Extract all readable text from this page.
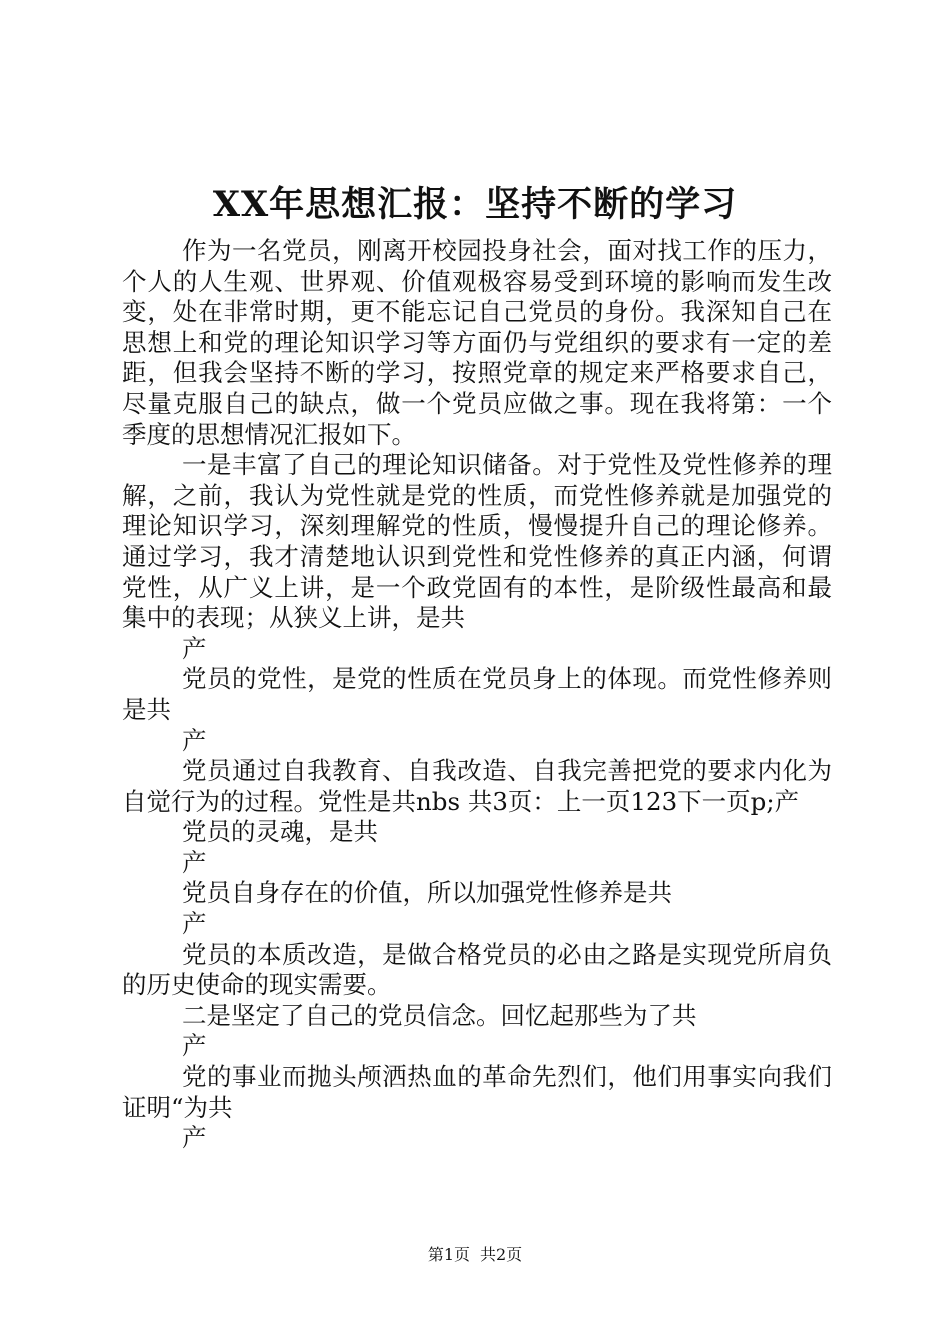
XX年思想汇报：坚持不断的学习

作为一名党员，刚离开校园投身社会，面对找工作的压力，个人的人生观、世界观、价值观极容易受到环境的影响而发生改变，处在非常时期，更不能忘记自己党员的身份。我深知自己在思想上和党的理论知识学习等方面仍与党组织的要求有一定的差距，但我会坚持不断的学习，按照党章的规定来严格要求自己，尽量克服自己的缺点，做一个党员应做之事。现在我将第：一个季度的思想情况汇报如下。

一是丰富了自己的理论知识储备。对于党性及党性修养的理解，之前，我认为党性就是党的性质，而党性修养就是加强党的理论知识学习，深刻理解党的性质，慢慢提升自己的理论修养。通过学习，我才清楚地认识到党性和党性修养的真正内涵，何谓党性，从广义上讲，是一个政党固有的本性，是阶级性最高和最集中的表现；从狭义上讲，是共

产

党员的党性，是党的性质在党员身上的体现。而党性修养则是共

产

党员通过自我教育、自我改造、自我完善把党的要求内化为自觉行为的过程。党性是共nbs 共3页：上一页123下一页p;产

党员的灵魂，是共

产

党员自身存在的价值，所以加强党性修养是共

产

党员的本质改造，是做合格党员的必由之路是实现党所肩负的历史使命的现实需要。

二是坚定了自己的党员信念。回忆起那些为了共

产

党的事业而抛头颅洒热血的革命先烈们，他们用事实向我们证明“为共

产

第1页 共2页
